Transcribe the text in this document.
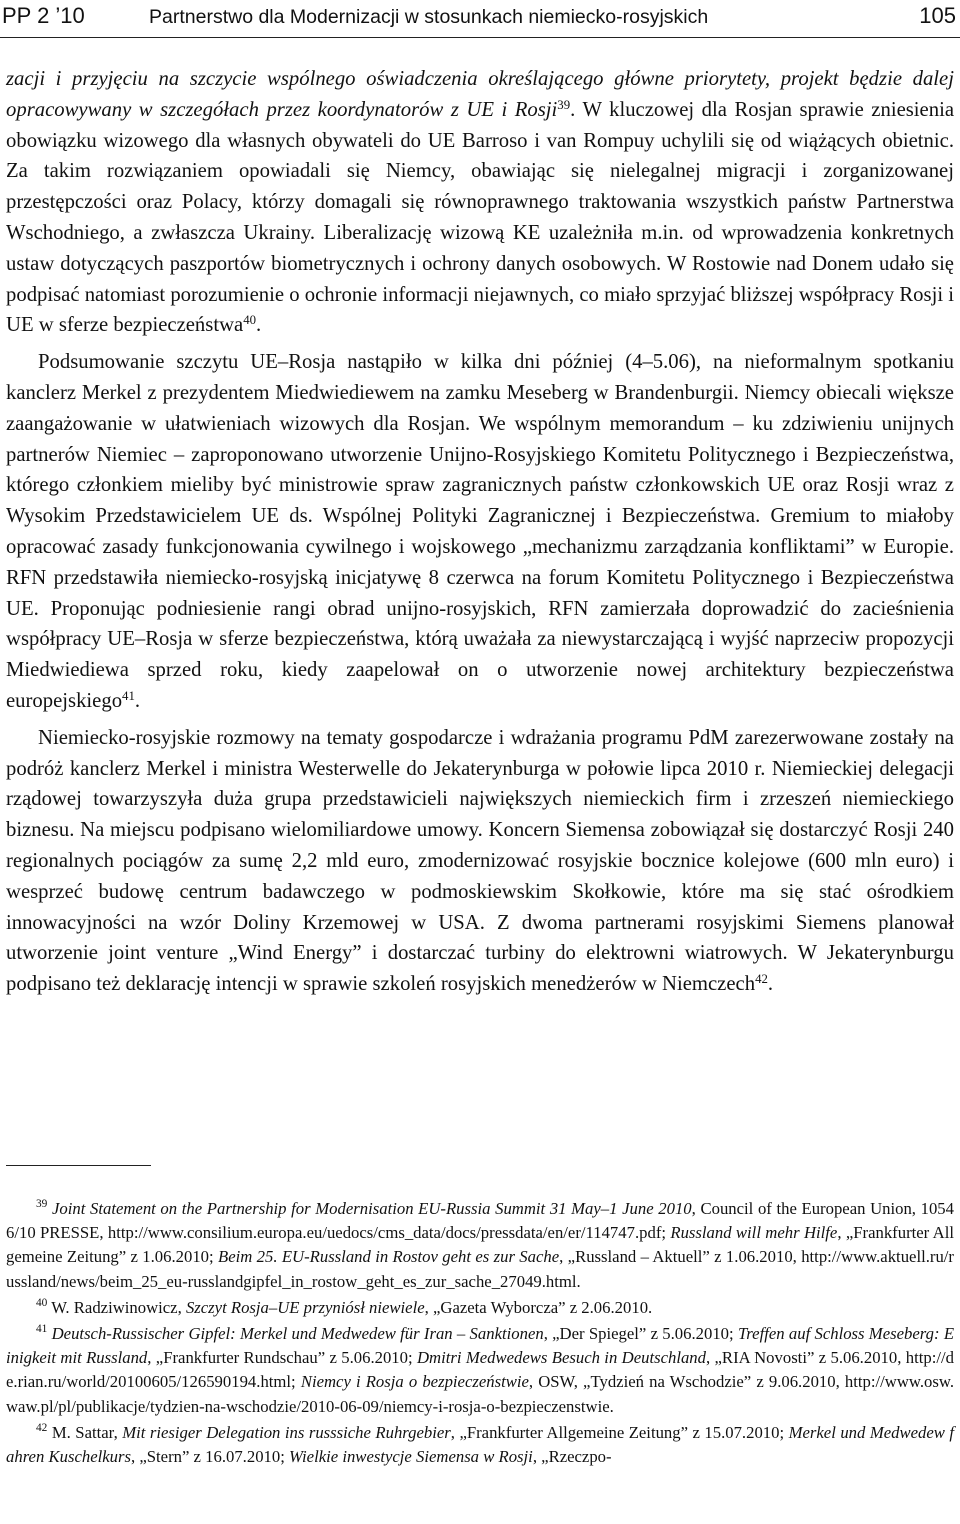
PP 2 ’10	Partnerstwo dla Modernizacji w stosunkach niemiecko-rosyjskich	105

zacji i przyjęciu na szczycie wspólnego oświadczenia określającego główne priorytety, projekt będzie dalej opracowywany w szczegółach przez koordynatorów z UE i Rosji$^{39}$. W kluczowej dla Rosjan sprawie zniesienia obowiązku wizowego dla własnych obywateli do UE Barroso i van Rompuy uchylili się od wiążących obietnic. Za takim rozwiązaniem opowiadali się Niemcy, obawiając się nielegalnej migracji i zorganizowanej przestępczości oraz Polacy, którzy domagali się równoprawnego traktowania wszystkich państw Partnerstwa Wschodniego, a zwłaszcza Ukrainy. Liberalizację wizową KE uzależniła m.in. od wprowadzenia konkretnych ustaw dotyczących paszportów biometrycznych i ochrony danych osobowych. W Rostowie nad Donem udało się podpisać natomiast porozumienie o ochronie informacji niejawnych, co miało sprzyjać bliższej współpracy Rosji i UE w sferze bezpieczeństwa$^{40}$.

Podsumowanie szczytu UE–Rosja nastąpiło w kilka dni później (4–5.06), na nieformalnym spotkaniu kanclerz Merkel z prezydentem Miedwiediewem na zamku Meseberg w Brandenburgii. Niemcy obiecali większe zaangażowanie w ułatwieniach wizowych dla Rosjan. We wspólnym memorandum – ku zdziwieniu unijnych partnerów Niemiec – zaproponowano utworzenie Unijno-Rosyjskiego Komitetu Politycznego i Bezpieczeństwa, którego członkiem mieliby być ministrowie spraw zagranicznych państw członkowskich UE oraz Rosji wraz z Wysokim Przedstawicielem UE ds. Wspólnej Polityki Zagranicznej i Bezpieczeństwa. Gremium to miałoby opracować zasady funkcjonowania cywilnego i wojskowego „mechanizmu zarządzania konfliktami” w Europie. RFN przedstawiła niemiecko-rosyjską inicjatywę 8 czerwca na forum Komitetu Politycznego i Bezpieczeństwa UE. Proponując podniesienie rangi obrad unijno-rosyjskich, RFN zamierzała doprowadzić do zacieśnienia współpracy UE–Rosja w sferze bezpieczeństwa, którą uważała za niewystarczającą i wyjść naprzeciw propozycji Miedwiediewa sprzed roku, kiedy zaapelował on o utworzenie nowej architektury bezpieczeństwa europejskiego$^{41}$.

Niemiecko-rosyjskie rozmowy na tematy gospodarcze i wdrażania programu PdM zarezerwowane zostały na podróż kanclerz Merkel i ministra Westerwelle do Jekaterynburga w połowie lipca 2010 r. Niemieckiej delegacji rządowej towarzyszyła duża grupa przedstawicieli największych niemieckich firm i zrzeszeń niemieckiego biznesu. Na miejscu podpisano wielomiliardowe umowy. Koncern Siemensa zobowiązał się dostarczyć Rosji 240 regionalnych pociągów za sumę 2,2 mld euro, zmodernizować rosyjskie bocznice kolejowe (600 mln euro) i wesprzeć budowę centrum badawczego w podmoskiewskim Skołkowie, które ma się stać ośrodkiem innowacyjności na wzór Doliny Krzemowej w USA. Z dwoma partnerami rosyjskimi Siemens planował utworzenie joint venture „Wind Energy” i dostarczać turbiny do elektrowni wiatrowych. W Jekaterynburgu podpisano też deklarację intencji w sprawie szkoleń rosyjskich menedżerów w Niemczech$^{42}$.

$^{39}$ Joint Statement on the Partnership for Modernisation EU-Russia Summit 31 May–1 June 2010, Council of the European Union, 10546/10 PRESSE, http://www.consilium.europa.eu/uedocs/cms_data/docs/pressdata/en/er/114747.pdf; Russland will mehr Hilfe, „Frankfurter Allgemeine Zeitung” z 1.06.2010; Beim 25. EU-Russland in Rostov geht es zur Sache, „Russland – Aktuell” z 1.06.2010, http://www.aktuell.ru/russland/news/beim_25_eu-russlandgipfel_in_rostow_geht_es_zur_sache_27049.html.

$^{40}$ W. Radziwinowicz, Szczyt Rosja–UE przyniósł niewiele, „Gazeta Wyborcza” z 2.06.2010.

$^{41}$ Deutsch-Russischer Gipfel: Merkel und Medwedew für Iran – Sanktionen, „Der Spiegel” z 5.06.2010; Treffen auf Schloss Meseberg: Einigkeit mit Russland, „Frankfurter Rundschau” z 5.06.2010; Dmitri Medwedews Besuch in Deutschland, „RIA Novosti” z 5.06.2010, http://de.rian.ru/world/20100605/126590194.html; Niemcy i Rosja o bezpieczeństwie, OSW, „Tydzień na Wschodzie” z 9.06.2010, http://www.osw.waw.pl/pl/publikacje/tydzien-na-wschodzie/2010-06-09/niemcy-i-rosja-o-bezpieczenstwie.

$^{42}$ M. Sattar, Mit riesiger Delegation ins russsiche Ruhrgebier, „Frankfurter Allgemeine Zeitung” z 15.07.2010; Merkel und Medwedew fahren Kuschelkurs, „Stern” z 16.07.2010; Wielkie inwestycje Siemensa w Rosji, „Rzeczpo-
